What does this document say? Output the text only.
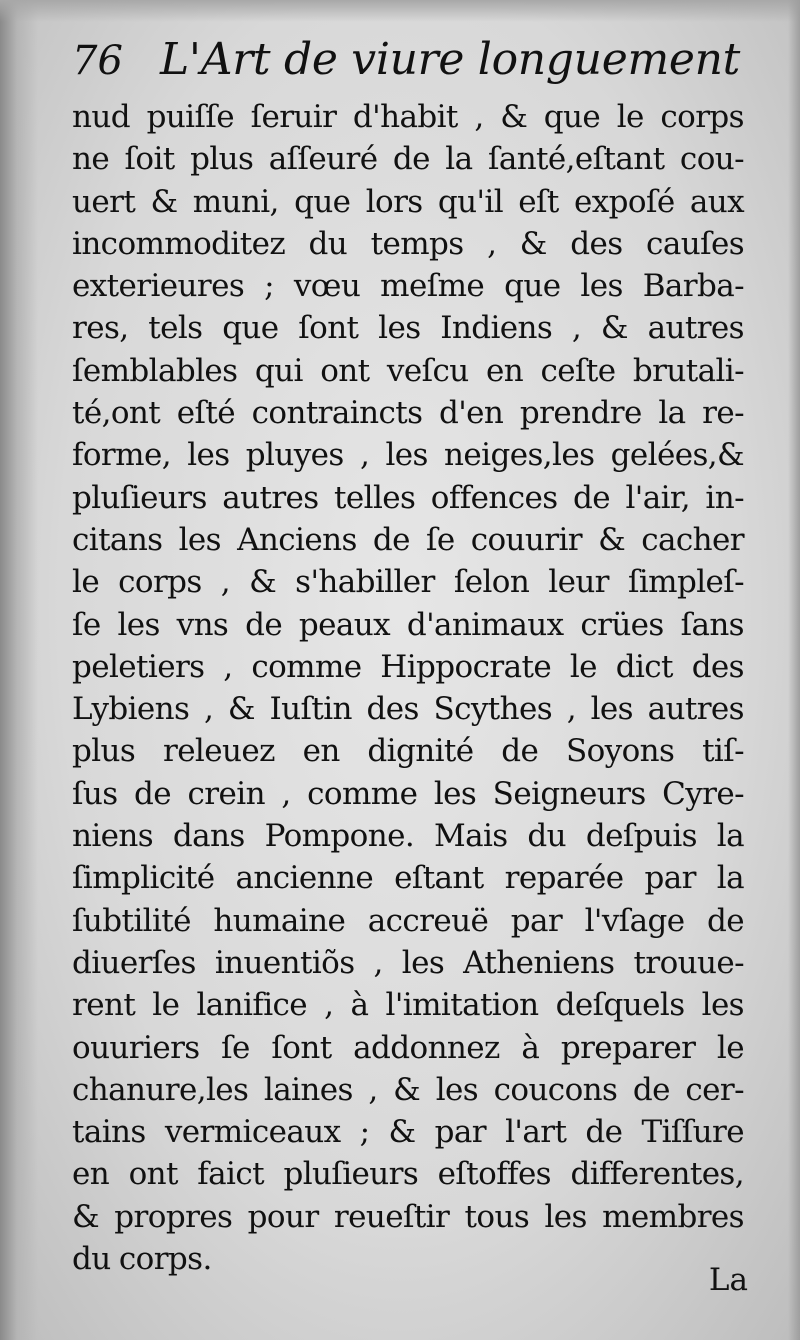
76 L'Art de viure longuement
nud puiſſe ſeruir d'habit , & que le corps
ne ſoit plus aſſeuré de la ſanté,eſtant cou-
uert & muni, que lors qu'il eſt expoſé aux
incommoditez du temps , & des cauſes
exterieures ; vœu meſme que les Barba-
res, tels que ſont les Indiens , & autres
ſemblables qui ont veſcu en ceſte brutali-
té,ont eſté contraincts d'en prendre la re-
forme, les pluyes , les neiges,les gelées,&
pluſieurs autres telles offences de l'air, in-
citans les Anciens de ſe couurir & cacher
le corps , & s'habiller ſelon leur ſimpleſ-
ſe les vns de peaux d'animaux crües ſans
peletiers , comme Hippocrate le dict des
Lybiens , & Iuſtin des Scythes , les autres
plus releuez en dignité de Soyons tiſ-
ſus de crein , comme les Seigneurs Cyre-
niens dans Pompone. Mais du deſpuis la
ſimplicité ancienne eſtant reparée par la
ſubtilité humaine accreuë par l'vſage de
diuerſes inuentiõs , les Atheniens trouue-
rent le lanifice , à l'imitation deſquels les
ouuriers ſe ſont addonnez à preparer le
chanure,les laines , & les coucons de cer-
tains vermiceaux ; & par l'art de Tiſſure
en ont faict pluſieurs eſtoffes differentes,
& propres pour reueſtir tous les membres
du corps.
La
